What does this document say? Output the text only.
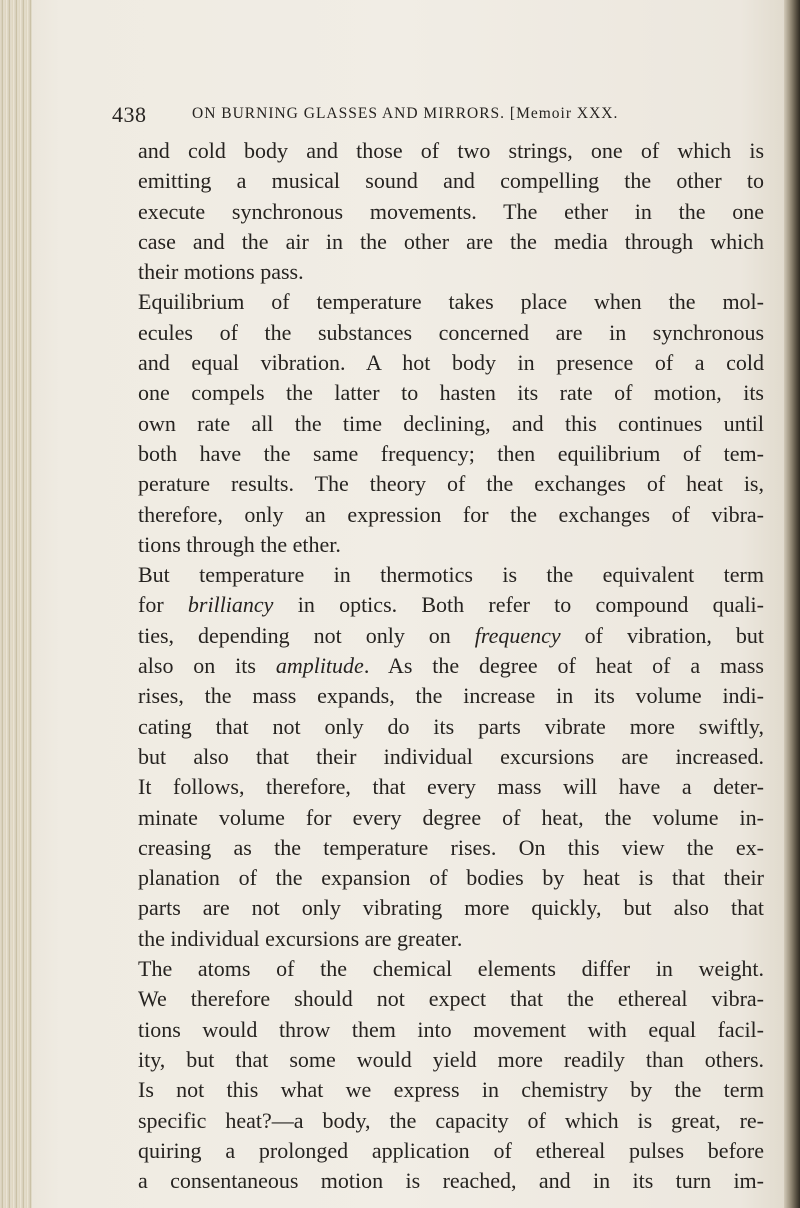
438	ON BURNING GLASSES AND MIRRORS. [Memoir XXX.
and cold body and those of two strings, one of which is
emitting a musical sound and compelling the other to
execute synchronous movements. The ether in the one
case and the air in the other are the media through which
their motions pass.
Equilibrium of temperature takes place when the mol-
ecules of the substances concerned are in synchronous
and equal vibration. A hot body in presence of a cold
one compels the latter to hasten its rate of motion, its
own rate all the time declining, and this continues until
both have the same frequency; then equilibrium of tem-
perature results. The theory of the exchanges of heat is,
therefore, only an expression for the exchanges of vibra-
tions through the ether.
But temperature in thermotics is the equivalent term
for brilliancy in optics. Both refer to compound quali-
ties, depending not only on frequency of vibration, but
also on its amplitude. As the degree of heat of a mass
rises, the mass expands, the increase in its volume indi-
cating that not only do its parts vibrate more swiftly,
but also that their individual excursions are increased.
It follows, therefore, that every mass will have a deter-
minate volume for every degree of heat, the volume in-
creasing as the temperature rises. On this view the ex-
planation of the expansion of bodies by heat is that their
parts are not only vibrating more quickly, but also that
the individual excursions are greater.
The atoms of the chemical elements differ in weight.
We therefore should not expect that the ethereal vibra-
tions would throw them into movement with equal facil-
ity, but that some would yield more readily than others.
Is not this what we express in chemistry by the term
specific heat?—a body, the capacity of which is great, re-
quiring a prolonged application of ethereal pulses before
a consentaneous motion is reached, and in its turn im-
